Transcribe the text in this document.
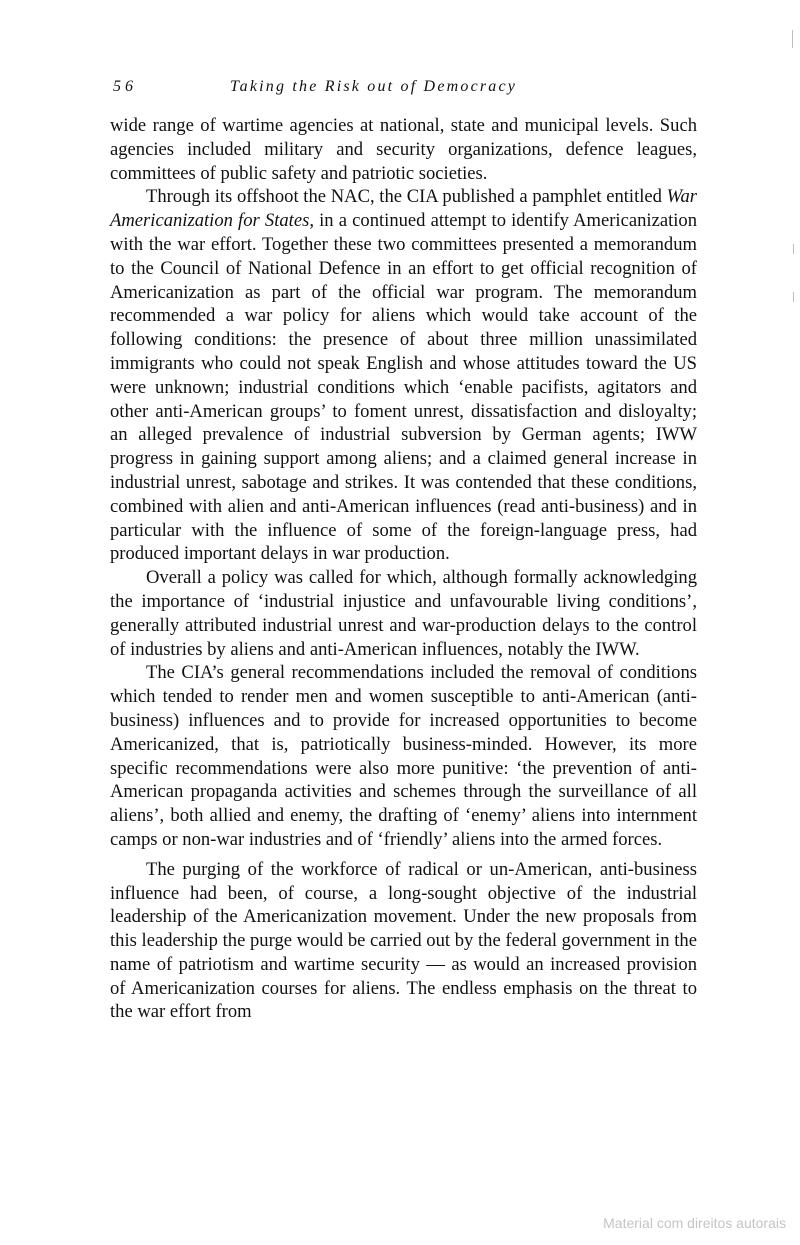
56	Taking the Risk out of Democracy

wide range of wartime agencies at national, state and municipal levels. Such agencies included military and security organizations, defence leagues, committees of public safety and patriotic societies.

Through its offshoot the NAC, the CIA published a pamphlet entitled War Americanization for States, in a continued attempt to identify Americanization with the war effort. Together these two committees presented a memorandum to the Council of National Defence in an effort to get official recognition of Americanization as part of the official war program. The memorandum recommended a war policy for aliens which would take account of the following conditions: the presence of about three million unassimilated immigrants who could not speak English and whose attitudes toward the US were unknown; industrial conditions which ‘enable pacifists, agitators and other anti-American groups’ to foment unrest, dissatisfaction and disloyalty; an alleged prevalence of industrial subversion by German agents; IWW progress in gaining support among aliens; and a claimed general increase in industrial unrest, sabotage and strikes. It was contended that these conditions, combined with alien and anti-American influences (read anti-business) and in particular with the influence of some of the foreign-language press, had produced important delays in war production.

Overall a policy was called for which, although formally acknowledging the importance of ‘industrial injustice and unfavourable living conditions’, generally attributed industrial unrest and war-production delays to the control of industries by aliens and anti-American influences, notably the IWW.

The CIA’s general recommendations included the removal of conditions which tended to render men and women susceptible to anti-American (anti-business) influences and to provide for increased opportunities to become Americanized, that is, patriotically business-minded. However, its more specific recommendations were also more punitive: ‘the prevention of anti-American propaganda activities and schemes through the surveillance of all aliens’, both allied and enemy, the drafting of ‘enemy’ aliens into internment camps or non-war industries and of ‘friendly’ aliens into the armed forces.

The purging of the workforce of radical or un-American, anti-business influence had been, of course, a long-sought objective of the industrial leadership of the Americanization movement. Under the new proposals from this leadership the purge would be carried out by the federal government in the name of patriotism and wartime security — as would an increased provision of Americanization courses for aliens. The endless emphasis on the threat to the war effort from

Material com direitos autorais
